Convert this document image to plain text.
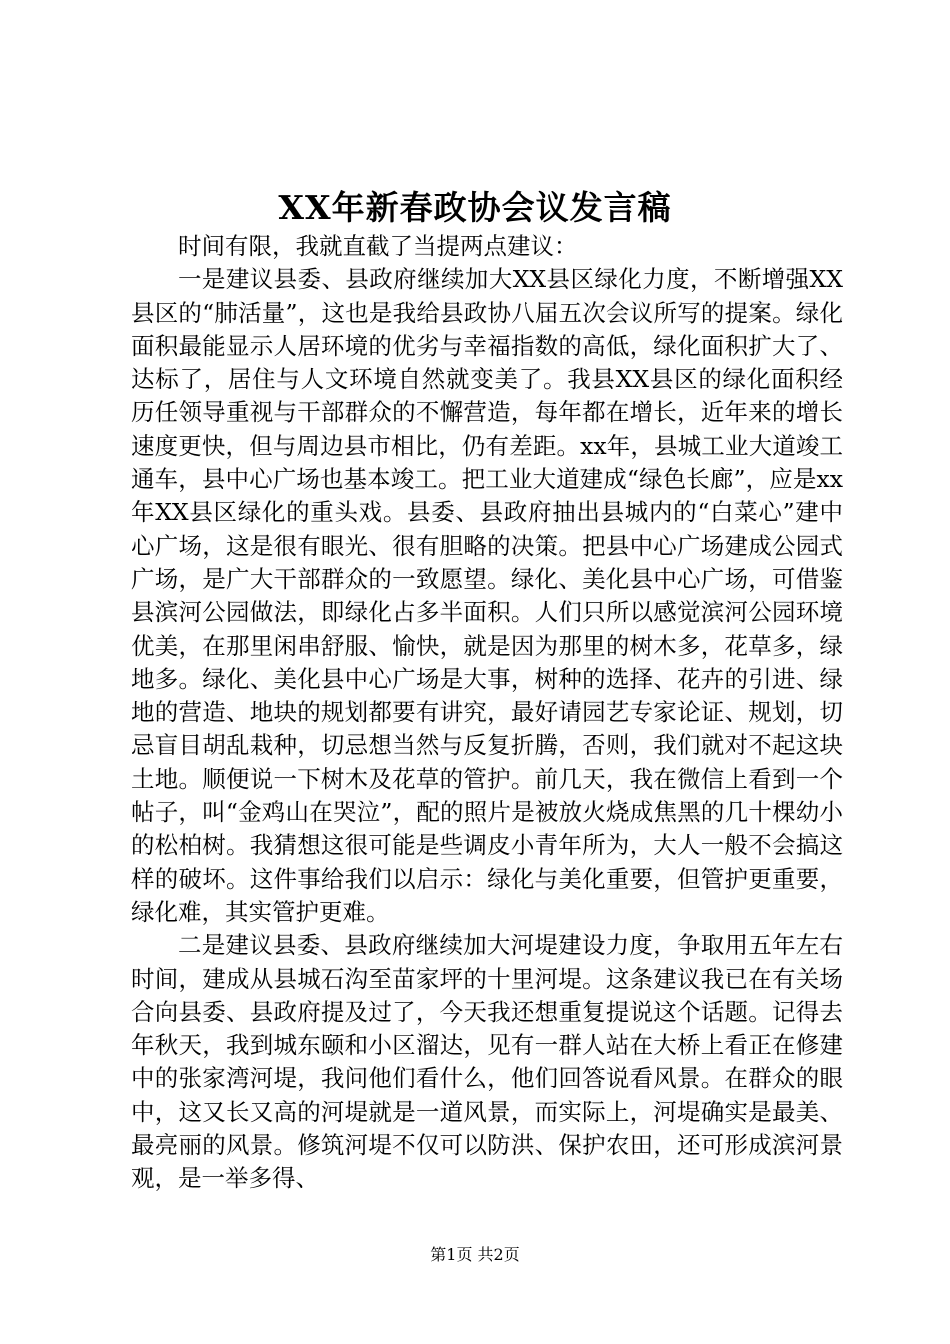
XX年新春政协会议发言稿

时间有限，我就直截了当提两点建议：

一是建议县委、县政府继续加大XX县区绿化力度，不断增强XX县区的“肺活量”，这也是我给县政协八届五次会议所写的提案。绿化面积最能显示人居环境的优劣与幸福指数的高低，绿化面积扩大了、达标了，居住与人文环境自然就变美了。我县XX县区的绿化面积经历任领导重视与干部群众的不懈营造，每年都在增长，近年来的增长速度更快，但与周边县市相比，仍有差距。xx年，县城工业大道竣工通车，县中心广场也基本竣工。把工业大道建成“绿色长廊”，应是xx年XX县区绿化的重头戏。县委、县政府抽出县城内的“白菜心”建中心广场，这是很有眼光、很有胆略的决策。把县中心广场建成公园式广场，是广大干部群众的一致愿望。绿化、美化县中心广场，可借鉴县滨河公园做法，即绿化占多半面积。人们只所以感觉滨河公园环境优美，在那里闲串舒服、愉快，就是因为那里的树木多，花草多，绿地多。绿化、美化县中心广场是大事，树种的选择、花卉的引进、绿地的营造、地块的规划都要有讲究，最好请园艺专家论证、规划，切忌盲目胡乱栽种，切忌想当然与反复折腾，否则，我们就对不起这块土地。顺便说一下树木及花草的管护。前几天，我在微信上看到一个帖子，叫“金鸡山在哭泣”，配的照片是被放火烧成焦黑的几十棵幼小的松柏树。我猜想这很可能是些调皮小青年所为，大人一般不会搞这样的破坏。这件事给我们以启示：绿化与美化重要，但管护更重要，绿化难，其实管护更难。

二是建议县委、县政府继续加大河堤建设力度，争取用五年左右时间，建成从县城石沟至苗家坪的十里河堤。这条建议我已在有关场合向县委、县政府提及过了，今天我还想重复提说这个话题。记得去年秋天，我到城东颐和小区溜达，见有一群人站在大桥上看正在修建中的张家湾河堤，我问他们看什么，他们回答说看风景。在群众的眼中，这又长又高的河堤就是一道风景，而实际上，河堤确实是最美、最亮丽的风景。修筑河堤不仅可以防洪、保护农田，还可形成滨河景观，是一举多得、

第1页 共2页
